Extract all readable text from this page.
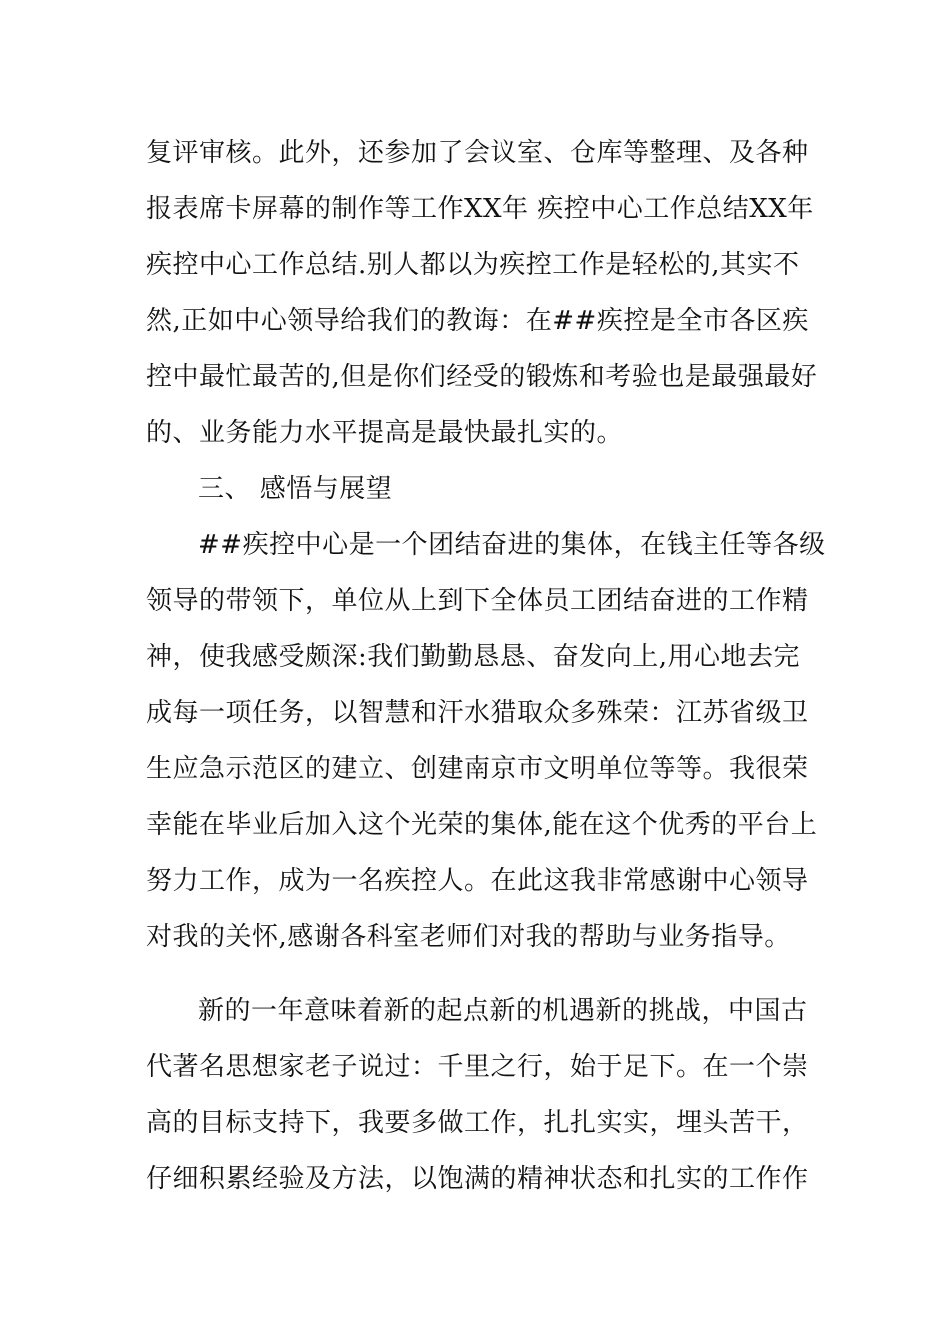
复评审核。此外，还参加了会议室、仓库等整理、及各种
报表席卡屏幕的制作等工作XX年 疾控中心工作总结XX年
疾控中心工作总结.别人都以为疾控工作是轻松的,其实不
然,正如中心领导给我们的教诲：在##疾控是全市各区疾
控中最忙最苦的,但是你们经受的锻炼和考验也是最强最好
的、业务能力水平提高是最快最扎实的。
三、 感悟与展望
##疾控中心是一个团结奋进的集体，在钱主任等各级
领导的带领下，单位从上到下全体员工团结奋进的工作精
神，使我感受颇深:我们勤勤恳恳、奋发向上,用心地去完
成每一项任务，以智慧和汗水猎取众多殊荣：江苏省级卫
生应急示范区的建立、创建南京市文明单位等等。我很荣
幸能在毕业后加入这个光荣的集体,能在这个优秀的平台上
努力工作，成为一名疾控人。在此这我非常感谢中心领导
对我的关怀,感谢各科室老师们对我的帮助与业务指导。
新的一年意味着新的起点新的机遇新的挑战，中国古
代著名思想家老子说过：千里之行，始于足下。在一个崇
高的目标支持下，我要多做工作，扎扎实实，埋头苦干，
仔细积累经验及方法，以饱满的精神状态和扎实的工作作
